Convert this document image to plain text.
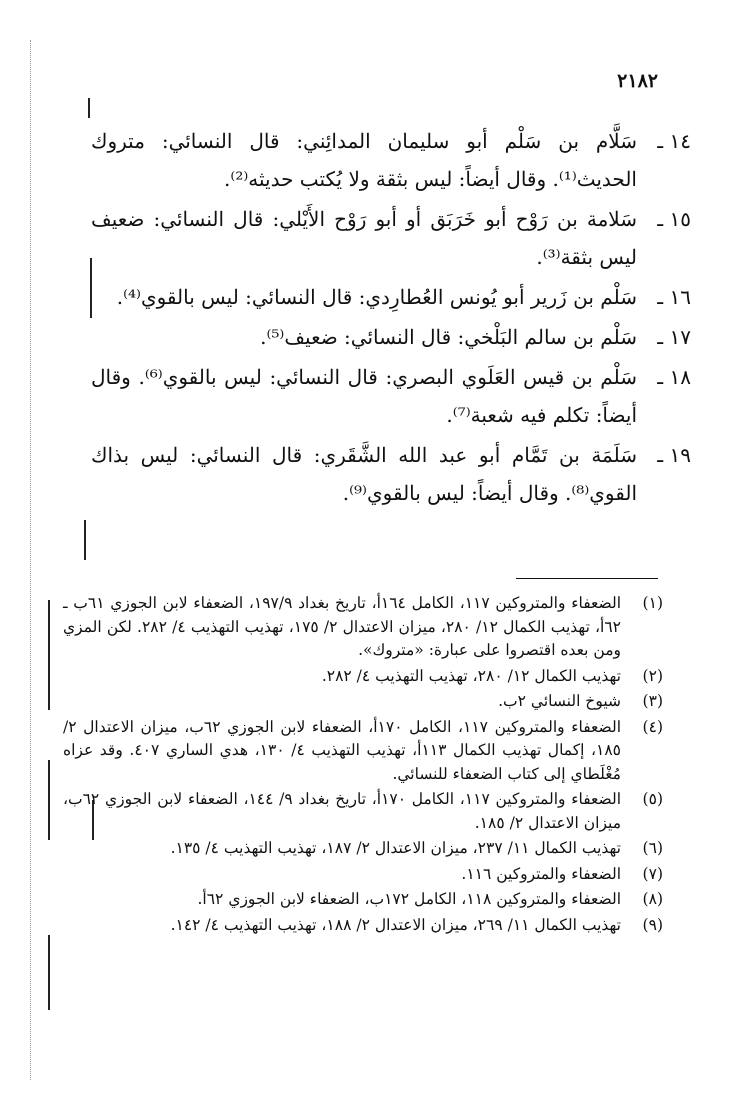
٢١٨٢
١٤ ـ
سَلَّام بن سَلْم أبو سليمان المدائِني: قال النسائي: متروك الحديث⁽¹⁾. وقال أيضاً: ليس بثقة ولا يُكتب حديثه⁽²⁾.
١٥ ـ
سَلامة بن رَوْح أبو خَرَبَق أو أبو رَوْح الأَيْلي: قال النسائي: ضعيف ليس بثقة⁽³⁾.
١٦ ـ
سَلْم بن زَرير أبو يُونس العُطارِدي: قال النسائي: ليس بالقوي⁽⁴⁾.
١٧ ـ
سَلْم بن سالم البَلْخي: قال النسائي: ضعيف⁽⁵⁾.
١٨ ـ
سَلْم بن قيس العَلَوي البصري: قال النسائي: ليس بالقوي⁽⁶⁾. وقال أيضاً: تكلم فيه شعبة⁽⁷⁾.
١٩ ـ
سَلَمَة بن تَمَّام أبو عبد الله الشَّقَري: قال النسائي: ليس بذاك القوي⁽⁸⁾. وقال أيضاً: ليس بالقوي⁽⁹⁾.
(١)
الضعفاء والمتروكين ١١٧، الكامل ١٦٤أ، تاريخ بغداد ١٩٧/٩، الضعفاء لابن الجوزي ٦١ب ـ ٦٢أ، تهذيب الكمال ١٢/ ٢٨٠، ميزان الاعتدال ٢/ ١٧٥، تهذيب التهذيب ٤/ ٢٨٢. لكن المزي ومن بعده اقتصروا على عبارة: «متروك».
(٢)
تهذيب الكمال ١٢/ ٢٨٠، تهذيب التهذيب ٤/ ٢٨٢.
(٣)
شيوخ النسائي ٢ب.
(٤)
الضعفاء والمتروكين ١١٧، الكامل ١٧٠أ، الضعفاء لابن الجوزي ٦٢ب، ميزان الاعتدال ٢/ ١٨٥، إكمال تهذيب الكمال ١١٣أ، تهذيب التهذيب ٤/ ١٣٠، هدي الساري ٤٠٧. وقد عزاه مُغْلَطاي إلى كتاب الضعفاء للنسائي.
(٥)
الضعفاء والمتروكين ١١٧، الكامل ١٧٠أ، تاريخ بغداد ٩/ ١٤٤، الضعفاء لابن الجوزي ٦٢ب، ميزان الاعتدال ٢/ ١٨٥.
(٦)
تهذيب الكمال ١١/ ٢٣٧، ميزان الاعتدال ٢/ ١٨٧، تهذيب التهذيب ٤/ ١٣٥.
(٧)
الضعفاء والمتروكين ١١٦.
(٨)
الضعفاء والمتروكين ١١٨، الكامل ١٧٢ب، الضعفاء لابن الجوزي ٦٢أ.
(٩)
تهذيب الكمال ١١/ ٢٦٩، ميزان الاعتدال ٢/ ١٨٨، تهذيب التهذيب ٤/ ١٤٢.
